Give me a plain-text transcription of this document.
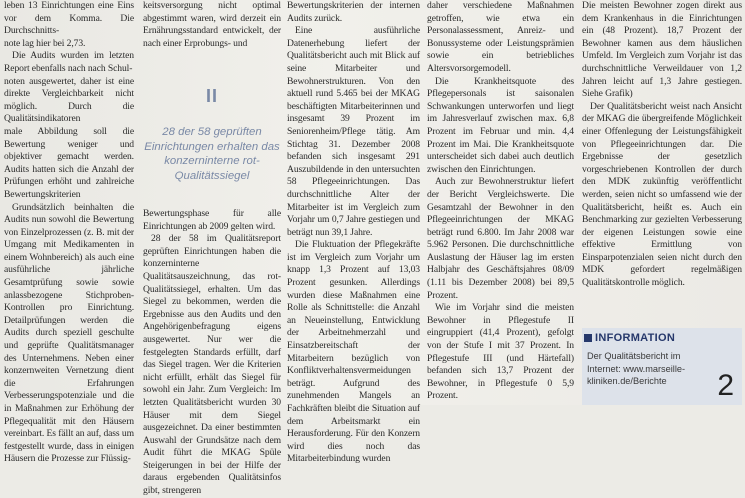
leben 13 Einrichtungen eine Eins vor dem Komma. Die Durchschnitts-

note lag hier bei 2,73.

Die Audits wurden im letzten Report ebenfalls nach nach Schul-

noten ausgewertet, daher ist eine direkte Vergleichbarkeit nicht möglich. Durch die Qualitätsindikatoren

male Abbildung soll die Bewertung weniger und objektiver gemacht werden. Audits hatten sich die Anzahl der Prüfungen erhöht und zahlreiche Bewertungskriterien

Grundsätzlich beinhalten die Audits nun sowohl die Bewertung von Einzelprozessen (z. B. mit der Umgang mit Medikamenten in einem Wohnbereich) als auch eine ausführliche jährliche Gesamtprüfung sowie sowie anlassbezogene Stichproben-Kontrollen pro Einrichtung. Detailprüfungen werden die Audits durch speziell geschulte und geprüfte Qualitätsmanager des Unternehmens. Neben einer konzernweiten Vernetzung dient die Erfahrungen Verbesserungspotenziale und die in Maßnahmen zur Erhöhung der Pflegequalität mit den Häusern vereinbart. Es fällt an auf, dass um festgestellt wurde, dass in einigen Häusern die Prozesse zur Flüssig-

keitsversorgung nicht optimal abgestimmt waren, wird derzeit ein Ernährungsstandard entwickelt, der nach einer Erprobungs- und

II
28 der 58 geprüften Einrichtungen erhalten das konzerninterne rot-Qualitätssiegel

Bewertungsphase für alle Einrichtungen ab 2009 gelten wird.

28 der 58 im Qualitätsreport geprüften Einrichtungen haben die konzerninterne Qualitätsauszeichnung, das rot-Qualitätssiegel, erhalten. Um das Siegel zu bekommen, werden die Ergebnisse aus den Audits und den Angehörigenbefragung eigens ausgewertet. Nur wer die festgelegten Standards erfüllt, darf das Siegel tragen. Wer die Kriterien nicht erfüllt, erhält das Siegel für sowohl ein Jahr. Zum Vergleich: Im letzten Qualitätsbericht wurden 30 Häuser mit dem Siegel ausgezeichnet. Da einer bestimmten Auswahl der Grundsätze nach dem Audit führt die MKAG Spüle Steigerungen in bei der Hilfe der daraus ergebenden Qualitätsinfos gibt, strengeren

Bewertungskriterien der internen Audits zurück.

Eine ausführliche Datenerhebung liefert der Qualitätsbericht auch mit Blick auf seine Mitarbeiter und Bewohnerstrukturen. Von den aktuell rund 5.465 bei der MKAG beschäftigten Mitarbeiterinnen und insgesamt 39 Prozent im Seniorenheim/Pflege tätig. Am Stichtag 31. Dezember 2008 befanden sich insgesamt 291 Auszubildende in den untersuchten 58 Pflegeeinrichtungen. Das durchschnittliche Alter der Mitarbeiter ist im Vergleich zum Vorjahr um 0,7 Jahre gestiegen und beträgt nun 39,1 Jahre.

Die Fluktuation der Pflegekräfte ist im Vergleich zum Vorjahr um knapp 1,3 Prozent auf 13,03 Prozent gesunken. Allerdings wurden diese Maßnahmen eine Rolle als Schnittstelle: die Anzahl an Neueinstellung, Entwicklung der Arbeitnehmerzahl und Einsatzbereitschaft der Mitarbeitern bezüglich von Konfliktverhaltensvermeidungen beträgt. Aufgrund des zunehmenden Mangels an Fachkräften bleibt die Situation auf dem Arbeitsmarkt ein Herausforderung. Für den Konzern wird dies noch das Mitarbeiterbindung wurden

daher verschiedene Maßnahmen getroffen, wie etwa ein Personalassessment, Anreiz- und Bonussysteme oder Leistungsprämien sowie ein betriebliches Altersvorsorgemodell.

Die Krankheitsquote des Pflegepersonals ist saisonalen Schwankungen unterworfen und liegt im Jahresverlauf zwischen max. 6,8 Prozent im Februar und min. 4,4 Prozent im Mai. Die Krankheitsquote unterscheidet sich dabei auch deutlich zwischen den Einrichtungen.

Auch zur Bewohnerstruktur liefert der Bericht Vergleichswerte. Die Gesamtzahl der Bewohner in den Pflegeeinrichtungen der MKAG beträgt rund 6.800. Im Jahr 2008 war 5.962 Personen. Die durchschnittliche Auslastung der Häuser lag im ersten Halbjahr des Geschäftsjahres 08/09 (1.11 bis Dezember 2008) bei 89,5 Prozent.

Wie im Vorjahr sind die meisten Bewohner in Pflegestufe II eingruppiert (41,4 Prozent), gefolgt von der Stufe I mit 37 Prozent. In Pflegestufe III (und Härtefall) befanden sich 13,7 Prozent der Bewohner, in Pflegestufe 0 5,9 Prozent.

Die meisten Bewohner zogen direkt aus dem Krankenhaus in die Einrichtungen ein (48 Prozent). 18,7 Prozent der Bewohner kamen aus dem häuslichen Umfeld. Im Vergleich zum Vorjahr ist das durchschnittliche Verweildauer von 1,2 Jahren leicht auf 1,3 Jahre gestiegen. Siehe Grafik)

Der Qualitätsbericht weist nach Ansicht der MKAG die übergreifende Möglichkeit einer Offenlegung der Leistungsfähigkeit von Pflegeeinrichtungen dar. Die Ergebnisse der gesetzlich vorgeschriebenen Kontrollen der durch den MDK zukünftig veröffentlicht werden, seien nicht so umfassend wie der Qualitätsbericht, heißt es. Auch ein Benchmarking zur gezielten Verbesserung der eigenen Leistungen sowie eine effektive Ermittlung von Einsparpotenzialen seien nicht durch den MDK gefordert regelmäßigen Qualitätskontrolle möglich.

INFORMATION
Der Qualitätsbericht im Internet: www.marseille-kliniken.de/Berichte	2
